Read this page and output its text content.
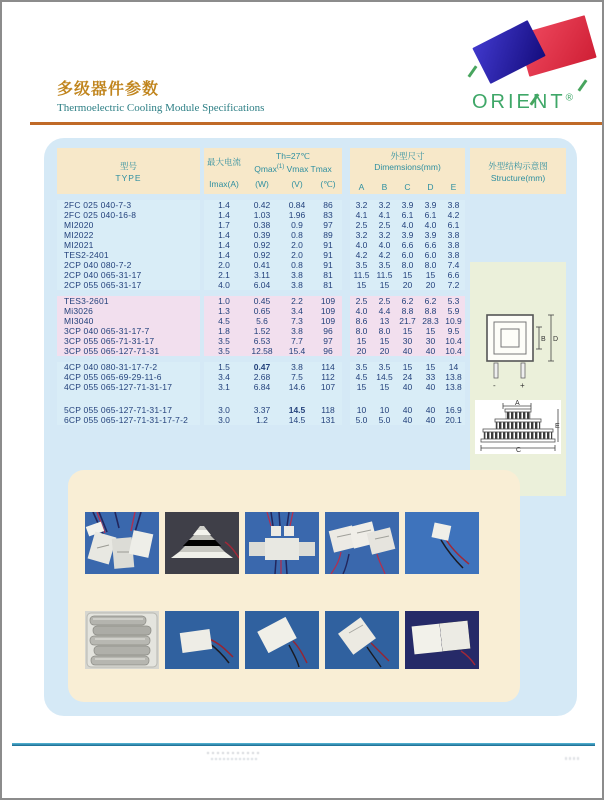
多级器件参数
Thermoelectric Cooling Module Specifications	ORIENT®
型号
TYPE
最大电流
Th=27℃
Qmax$^{(1)}$ Vmax Tmax
Imax(A)	(W)	(V)	(℃)
外型尺寸
Dimemsions(mm)
A	B	C	D	E
外型结构示意图
Structure(mm)
-	+
B D
A
C
E
2FC 025 040-7-3	1.4	0.42	0.84	86	3.2	3.2	3.9	3.9	3.8
2FC 025 040-16-8	1.4	1.03	1.96	83	4.1	4.1	6.1	6.1	4.2
MI2020	1.7	0.38	0.9	97	2.5	2.5	4.0	4.0	6.1
MI2022	1.4	0.39	0.8	89	3.2	3.2	3.9	3.9	3.8
MI2021	1.4	0.92	2.0	91	4.0	4.0	6.6	6.6	3.8
TES2-2401	1.4	0.92	2.0	91	4.2	4.2	6.0	6.0	3.8
2CP 040 080-7-2	2.0	0.41	0.8	91	3.5	3.5	8.0	8.0	7.4
2CP 040 065-31-17	2.1	3.11	3.8	81	11.5 11.5	15	15	6.6
2CP 055 065-31-17	4.0	6.04	3.8	81	15	15	20	20	7.2
TES3-2601	1.0	0.45	2.2	109	2.5	2.5	6.2	6.2	5.3
Mi3026	1.3	0.65	3.4	109	4.0	4.4	8.8	8.8	5.9
MI3040	4.5	5.6	7.3	109	8.6	13	21.7 28.3 10.9
3CP 040 065-31-17-7	1.8	1.52	3.8	96	8.0	8.0	15	15	9.5
3CP 055 065-71-31-17	3.5	6.53	7.7	97	15	15	30	30	10.4
3CP 055 065-127-71-31	3.5	12.58	15.4	96	20	20	40	40	10.4
4CP 040 080-31-17-7-2	1.5	0.47	3.8	114	3.5	3.5	15	15	14
4CP 055 065-69-29-11-6	3.4	2.68	7.5	112	4.5	14.5	24	33	13.8
4CP 055 065-127-71-31-17	3.1	6.84	14.6	107	15	15	40	40	13.8
5CP 055 065-127-71-31-17	3.0	3.37	14.5	118	10	10	40	40	16.9
6CP 055 065-127-71-31-17-7-2	3.0	1.2	14.5	131	5.0	5.0	40	40	20.1
